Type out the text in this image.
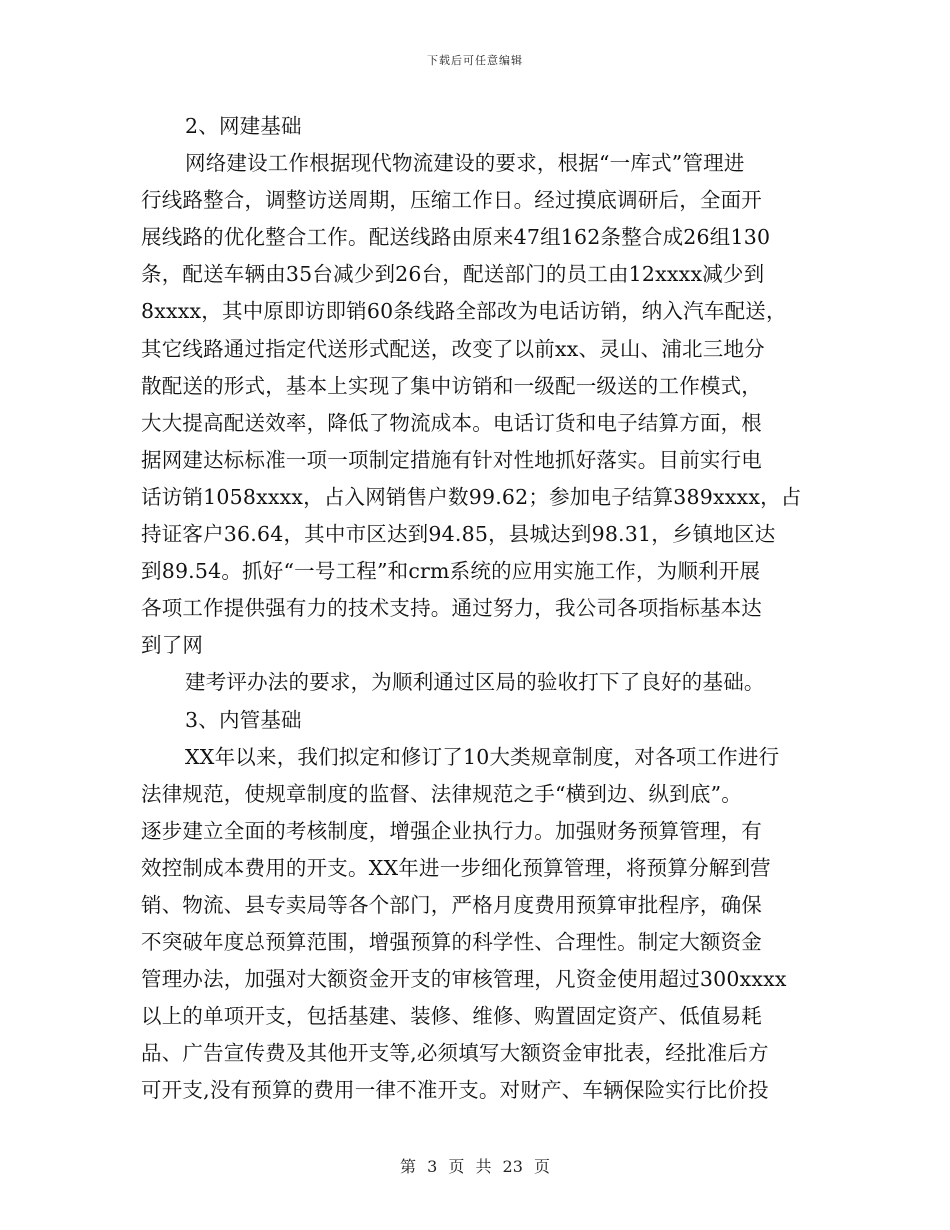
下载后可任意编辑
2、网建基础
网络建设工作根据现代物流建设的要求，根据“一库式”管理进
行线路整合，调整访送周期，压缩工作日。经过摸底调研后，全面开
展线路的优化整合工作。配送线路由原来47组162条整合成26组130
条，配送车辆由35台减少到26台，配送部门的员工由12xxxx减少到
8xxxx，其中原即访即销60条线路全部改为电话访销，纳入汽车配送，
其它线路通过指定代送形式配送，改变了以前xx、灵山、浦北三地分
散配送的形式，基本上实现了集中访销和一级配一级送的工作模式，
大大提高配送效率，降低了物流成本。电话订货和电子结算方面，根
据网建达标标准一项一项制定措施有针对性地抓好落实。目前实行电
话访销1058xxxx，占入网销售户数99.62；参加电子结算389xxxx，占
持证客户36.64，其中市区达到94.85，县城达到98.31，乡镇地区达
到89.54。抓好“一号工程”和crm系统的应用实施工作，为顺利开展
各项工作提供强有力的技术支持。通过努力，我公司各项指标基本达
到了网
建考评办法的要求，为顺利通过区局的验收打下了良好的基础。
3、内管基础
XX年以来，我们拟定和修订了10大类规章制度，对各项工作进行
法律规范，使规章制度的监督、法律规范之手“横到边、纵到底”。
逐步建立全面的考核制度，增强企业执行力。加强财务预算管理，有
效控制成本费用的开支。XX年进一步细化预算管理，将预算分解到营
销、物流、县专卖局等各个部门，严格月度费用预算审批程序，确保
不突破年度总预算范围，增强预算的科学性、合理性。制定大额资金
管理办法，加强对大额资金开支的审核管理，凡资金使用超过300xxxx
以上的单项开支，包括基建、装修、维修、购置固定资产、低值易耗
品、广告宣传费及其他开支等,必须填写大额资金审批表，经批准后方
可开支,没有预算的费用一律不准开支。对财产、车辆保险实行比价投
第 3 页 共 23 页
